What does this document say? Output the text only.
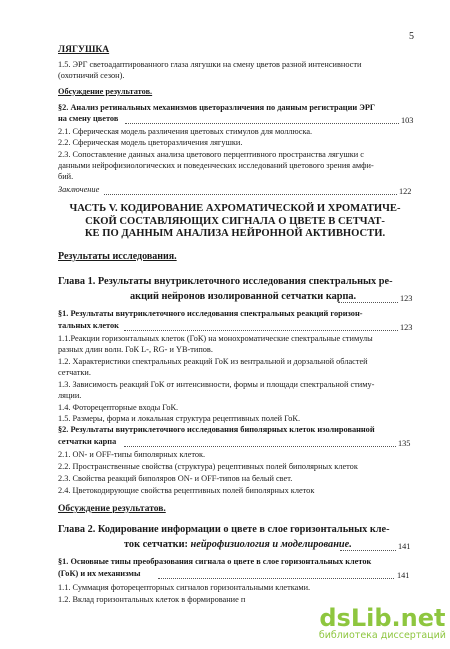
5
ЛЯГУШКА
1.5. ЭРГ светоадаптированного глаза лягушки на смену цветов разной интенсивности
(охотничий сезон).
Обсуждение результатов.
§2. Анализ ретинальных механизмов цветоразличения по данным регистрации ЭРГ
на смену цветов	103
2.1. Сферическая модель различения цветовых стимулов для моллюска.
2.2. Сферическая модель цветоразличения лягушки.
2.3. Сопоставление данных анализа цветового перцептивного пространства лягушки с
данными нейрофизиологических и поведенческих исследований цветового зрения амфи-
бий.
Заключение	122
ЧАСТЬ V. КОДИРОВАНИЕ АХРОМАТИЧЕСКОЙ И ХРОМАТИЧЕ-
СКОЙ СОСТАВЛЯЮЩИХ СИГНАЛА О ЦВЕТЕ В СЕТЧАТ-
КЕ ПО ДАННЫМ АНАЛИЗА НЕЙРОННОЙ АКТИВНОСТИ.
Результаты исследования.
Глава 1. Результаты внутриклеточного исследования спектральных ре-
акций нейронов изолированной сетчатки карпа.	123
§1. Результаты внутриклеточного исследования спектральных реакций горизон-
тальных клеток	123
1.1.Реакции горизонтальных клеток (ГоК) на монохроматические спектральные стимулы
разных длин волн. ГоК L-, RG- и YB-типов.
1.2. Характеристики спектральных реакций ГоК из вентральной и дорзальной областей
сетчатки.
1.3. Зависимость реакций ГоК от интенсивности, формы и площади спектральной стиму-
ляции.
1.4. Фоторецепторные входы ГоК.
1.5. Размеры, форма и локальная структура рецептивных полей ГоК.
§2. Результаты внутриклеточного исследования биполярных клеток изолированной
сетчатки карпа	135
2.1. ON- и OFF-типы биполярных клеток.
2.2. Пространственные свойства (структура) рецептивных полей биполярных клеток
2.3. Свойства реакций биполяров ON- и OFF-типов на белый свет.
2.4. Цветокодирующие свойства рецептивных полей биполярных клеток
Обсуждение результатов.
Глава 2. Кодирование информации о цвете в слое горизонтальных кле-
ток сетчатки: нейрофизиология и моделирование.	141
§1. Основные типы преобразования сигнала о цвете в слое горизонтальных клеток
(ГоК) и их механизмы	141
1.1. Суммация фоторецепторных сигналов горизонтальными клетками.
1.2. Вклад горизонтальных клеток в формирование п
dsLib.net
библиотека диссертаций
